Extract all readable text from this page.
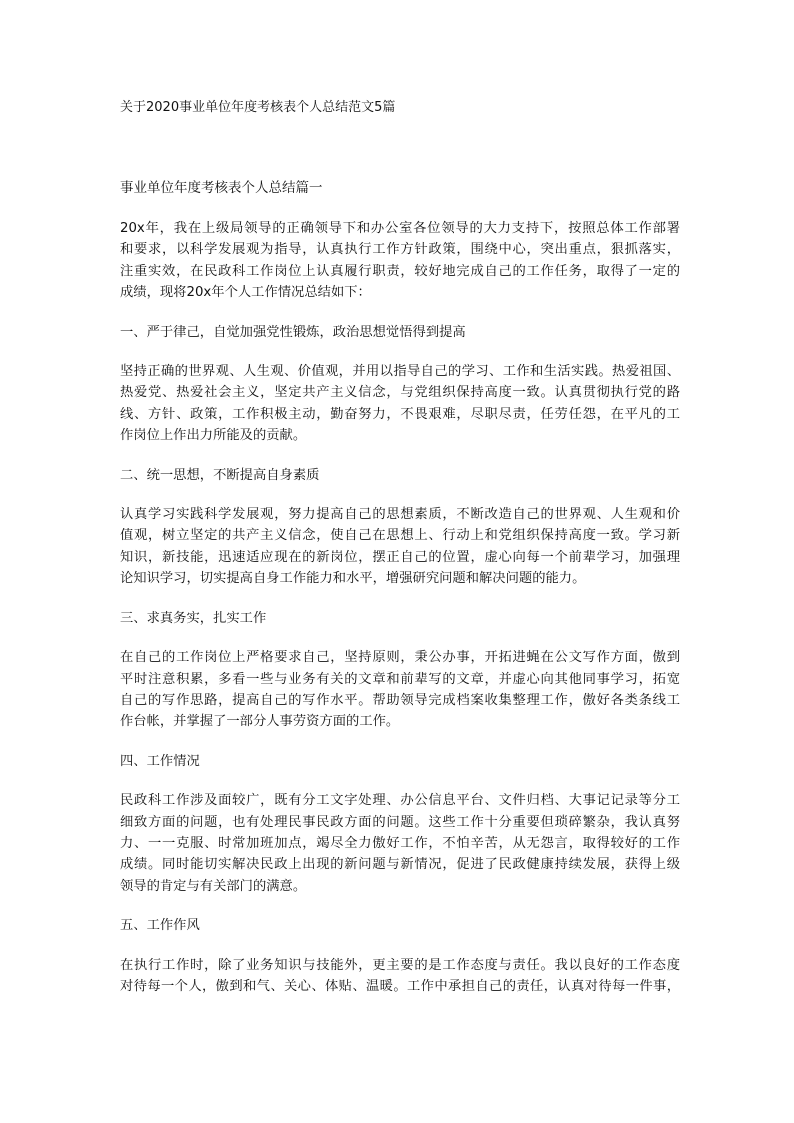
关于2020事业单位年度考核表个人总结范文5篇
事业单位年度考核表个人总结篇一
20x年，我在上级局领导的正确领导下和办公室各位领导的大力支持下，按照总体工作部署
和要求，以科学发展观为指导，认真执行工作方针政策，围绕中心，突出重点，狠抓落实，
注重实效，在民政科工作岗位上认真履行职责，较好地完成自己的工作任务，取得了一定的
成绩，现将20x年个人工作情况总结如下：
一、严于律己，自觉加强党性锻炼，政治思想觉悟得到提高
坚持正确的世界观、人生观、价值观，并用以指导自己的学习、工作和生活实践。热爱祖国、
热爱党、热爱社会主义，坚定共产主义信念，与党组织保持高度一致。认真贯彻执行党的路
线、方针、政策，工作积极主动，勤奋努力，不畏艰难，尽职尽责，任劳任怨，在平凡的工
作岗位上作出力所能及的贡献。
二、统一思想，不断提高自身素质
认真学习实践科学发展观，努力提高自己的思想素质，不断改造自己的世界观、人生观和价
值观，树立坚定的共产主义信念，使自己在思想上、行动上和党组织保持高度一致。学习新
知识，新技能，迅速适应现在的新岗位，摆正自己的位置，虚心向每一个前辈学习，加强理
论知识学习，切实提高自身工作能力和水平，增强研究问题和解决问题的能力。
三、求真务实，扎实工作
在自己的工作岗位上严格要求自己，坚持原则，秉公办事，开拓进蝇在公文写作方面，傲到
平时注意积累，多看一些与业务有关的文章和前辈写的文章，并虚心向其他同事学习，拓宽
自己的写作思路，提高自己的写作水平。帮助领导完成档案收集整理工作，傲好各类条线工
作台帐，并掌握了一部分人事劳资方面的工作。
四、工作情况
民政科工作涉及面较广，既有分工文字处理、办公信息平台、文件归档、大事记记录等分工
细致方面的问题，也有处理民事民政方面的问题。这些工作十分重要但琐碎繁杂，我认真努
力、一一克服、时常加班加点，竭尽全力傲好工作，不怕辛苦，从无怨言，取得较好的工作
成绩。同时能切实解决民政上出现的新问题与新情况，促进了民政健康持续发展，获得上级
领导的肯定与有关部门的满意。
五、工作作风
在执行工作时，除了业务知识与技能外，更主要的是工作态度与责任。我以良好的工作态度
对待每一个人，傲到和气、关心、体贴、温暖。工作中承担自己的责任，认真对待每一件事，
